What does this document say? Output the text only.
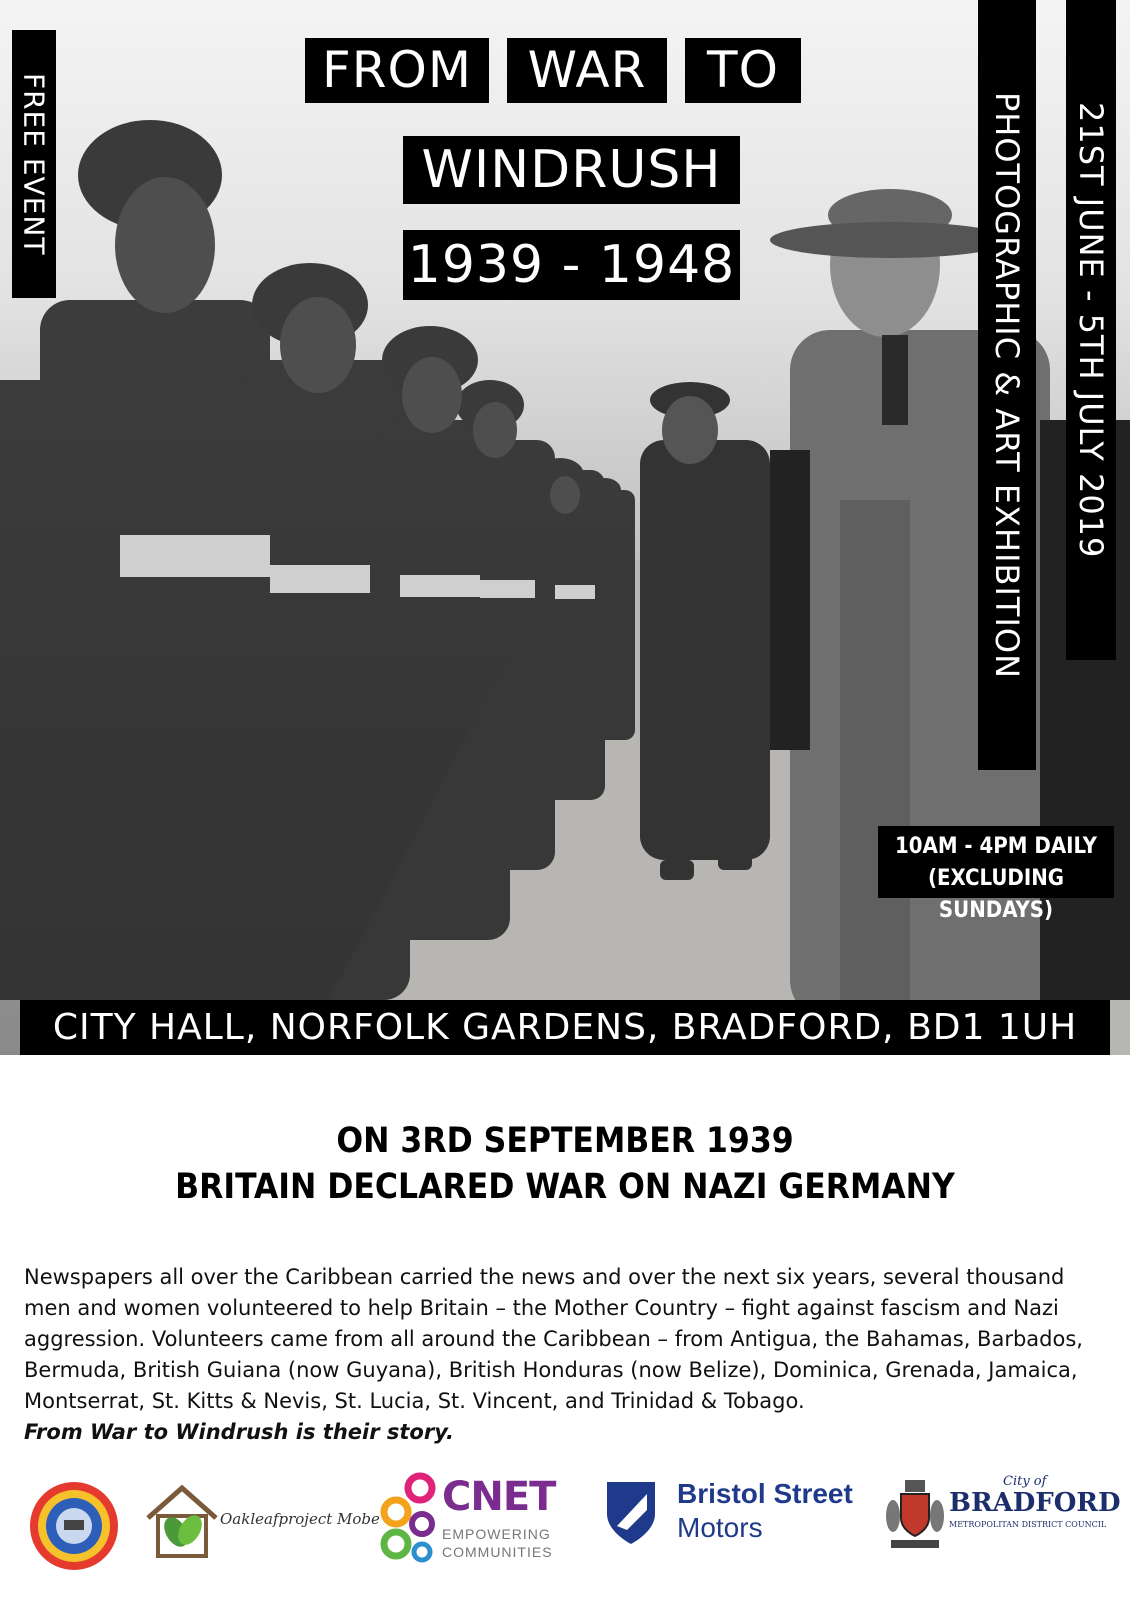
FROM	WAR	TO
WINDRUSH
1939 - 1948
FREE EVENT	PHOTOGRAPHIC & ART EXHIBITION 21ST JUNE - 5TH JULY 2019
10AM - 4PM DAILY
(EXCLUDING SUNDAYS)
CITY HALL, NORFOLK GARDENS, BRADFORD, BD1 1UH
ON 3RD SEPTEMBER 1939
BRITAIN DECLARED WAR ON NAZI GERMANY
Newspapers all over the Caribbean carried the news and over the next six years, several thousand men and women volunteered to help Britain – the Mother Country – fight against fascism and Nazi aggression. Volunteers came from all around the Caribbean – from Antigua, the Bahamas, Barbados, Bermuda, British Guiana (now Guyana), British Honduras (now Belize), Dominica, Grenada, Jamaica, Montserrat, St. Kitts & Nevis, St. Lucia, St. Vincent, and Trinidad & Tobago.
From War to Windrush is their story.
Oakleafproject Mobe CNET
EMPOWERING
COMMUNITIES
Bristol Street
Motors
City of
BRADFORD
METROPOLITAN DISTRICT COUNCIL
